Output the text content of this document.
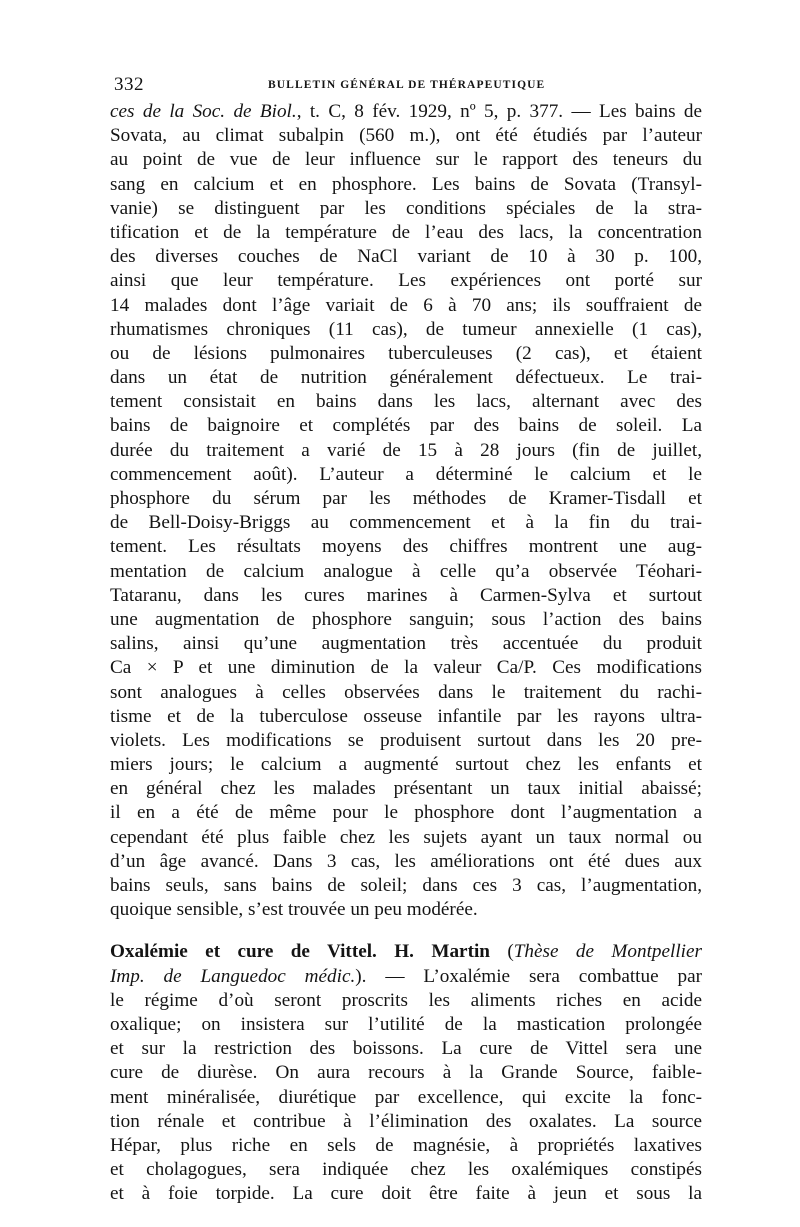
332	BULLETIN GÉNÉRAL DE THÉRAPEUTIQUE
ces de la Soc. de Biol., t. C, 8 fév. 1929, nº 5, p. 377. — Les bains de
Sovata, au climat subalpin (560 m.), ont été étudiés par l’auteur
au point de vue de leur influence sur le rapport des teneurs du
sang en calcium et en phosphore. Les bains de Sovata (Transyl-
vanie) se distinguent par les conditions spéciales de la stra-
tification et de la température de l’eau des lacs, la concentration
des diverses couches de NaCl variant de 10 à 30 p. 100,
ainsi que leur température. Les expériences ont porté sur
14 malades dont l’âge variait de 6 à 70 ans; ils souffraient de
rhumatismes chroniques (11 cas), de tumeur annexielle (1 cas),
ou de lésions pulmonaires tuberculeuses (2 cas), et étaient
dans un état de nutrition généralement défectueux. Le trai-
tement consistait en bains dans les lacs, alternant avec des
bains de baignoire et complétés par des bains de soleil. La
durée du traitement a varié de 15 à 28 jours (fin de juillet,
commencement août). L’auteur a déterminé le calcium et le
phosphore du sérum par les méthodes de Kramer-Tisdall et
de Bell-Doisy-Briggs au commencement et à la fin du trai-
tement. Les résultats moyens des chiffres montrent une aug-
mentation de calcium analogue à celle qu’a observée Téohari-
Tataranu, dans les cures marines à Carmen-Sylva et surtout
une augmentation de phosphore sanguin; sous l’action des bains
salins, ainsi qu’une augmentation très accentuée du produit
Ca × P et une diminution de la valeur Ca/P. Ces modifications
sont analogues à celles observées dans le traitement du rachi-
tisme et de la tuberculose osseuse infantile par les rayons ultra-
violets. Les modifications se produisent surtout dans les 20 pre-
miers jours; le calcium a augmenté surtout chez les enfants et
en général chez les malades présentant un taux initial abaissé;
il en a été de même pour le phosphore dont l’augmentation a
cependant été plus faible chez les sujets ayant un taux normal ou
d’un âge avancé. Dans 3 cas, les améliorations ont été dues aux
bains seuls, sans bains de soleil; dans ces 3 cas, l’augmentation,
quoique sensible, s’est trouvée un peu modérée.
Oxalémie et cure de Vittel. H. Martin (Thèse de Montpellier
Imp. de Languedoc médic.). — L’oxalémie sera combattue par
le régime d’où seront proscrits les aliments riches en acide
oxalique; on insistera sur l’utilité de la mastication prolongée
et sur la restriction des boissons. La cure de Vittel sera une
cure de diurèse. On aura recours à la Grande Source, faible-
ment minéralisée, diurétique par excellence, qui excite la fonc-
tion rénale et contribue à l’élimination des oxalates. La source
Hépar, plus riche en sels de magnésie, à propriétés laxatives
et cholagogues, sera indiquée chez les oxalémiques constipés
et à foie torpide. La cure doit être faite à jeun et sous la
